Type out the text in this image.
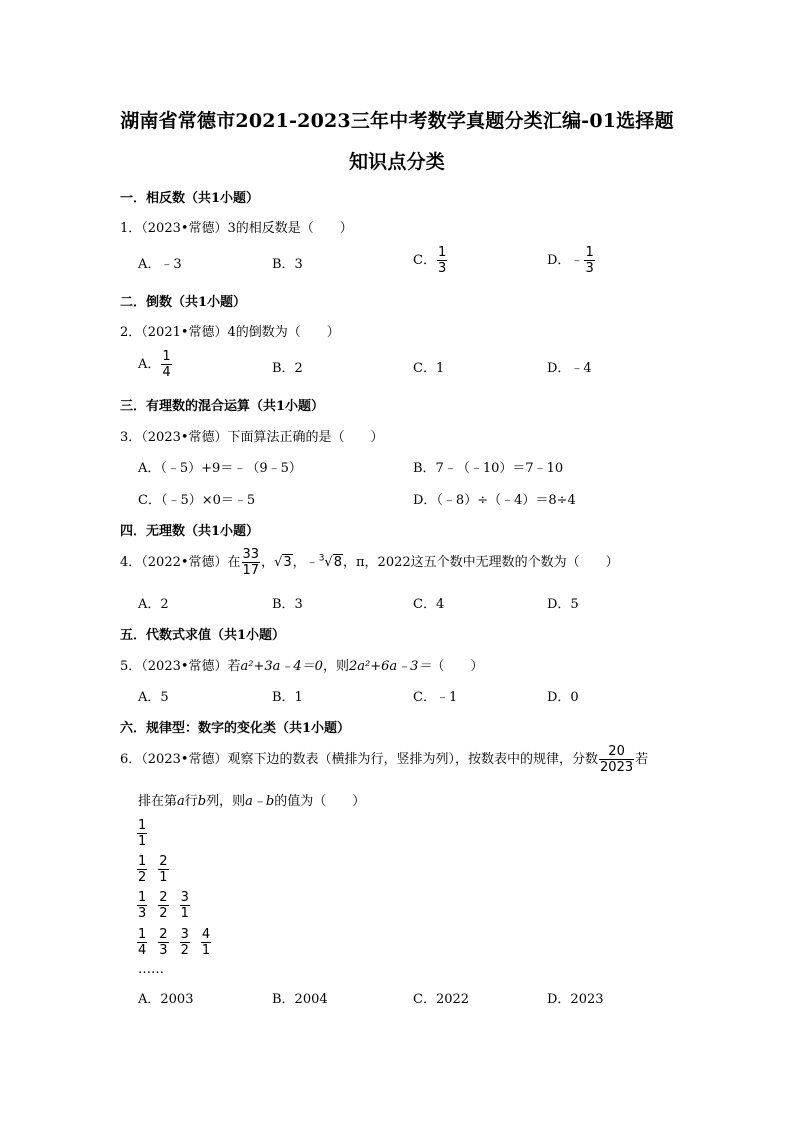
湖南省常德市2021-2023三年中考数学真题分类汇编-01选择题
知识点分类
一．相反数（共1小题）
1．（2023•常德）3的相反数是（　　）
A．﹣3	B．3	C． $\frac{1}{3}$	D．﹣ $\frac{1}{3}$
二．倒数（共1小题）
2．（2021•常德）4的倒数为（　　）
A． $\frac{1}{4}$	B．2	C．1	D．﹣4
三．有理数的混合运算（共1小题）
3．（2023•常德）下面算法正确的是（　　）
A．（﹣5）+9＝﹣（9﹣5）	B．7﹣（﹣10）＝7﹣10
C．（﹣5）×0＝﹣5	D．（﹣8）÷（﹣4）＝8÷4
四．无理数（共1小题）
4．（2022•常德）在 $\frac{33}{17}$ ，√3，﹣$^3$√8，π，2022这五个数中无理数的个数为（　　）
A．2	B．3	C．4	D．5
五．代数式求值（共1小题）
5．（2023•常德）若a²+3a﹣4＝0，则2a²+6a﹣3＝（　　）
A．5	B．1	C．﹣1	D．0
六．规律型：数字的变化类（共1小题）
6．（2023•常德）观察下边的数表（横排为行，竖排为列），按数表中的规律，分数 $\frac{20}{2023}$ 若
排在第a行b列，则a﹣b的值为（　　）
$\frac{1}{1}$
$\frac{1}{2} \frac{2}{1}$
$\frac{1}{3} \frac{2}{2} \frac{3}{1}$
$\frac{1}{4} \frac{2}{3} \frac{3}{2} \frac{4}{1}$
……
A．2003	B．2004	C．2022	D．2023
